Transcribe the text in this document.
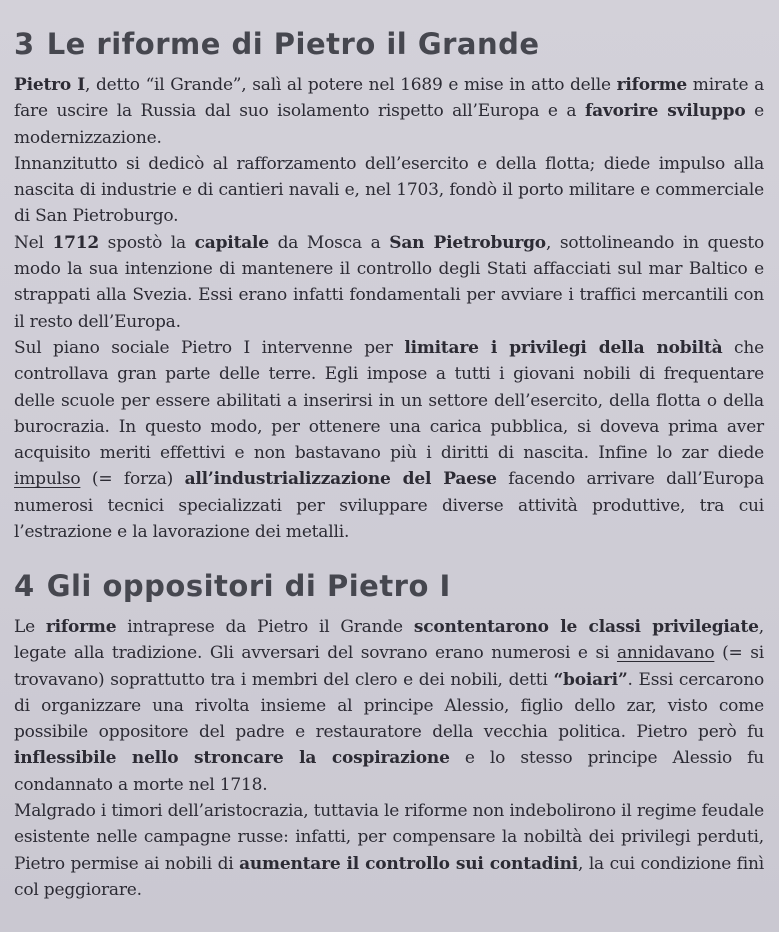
3 Le riforme di Pietro il Grande

Pietro I, detto “il Grande”, salì al potere nel 1689 e mise in atto delle riforme mirate a fare uscire la Russia dal suo isolamento rispetto all’Europa e a favorire sviluppo e modernizzazione.

Innanzitutto si dedicò al rafforzamento dell’esercito e della flotta; diede impulso alla nascita di industrie e di cantieri navali e, nel 1703, fondò il porto militare e commerciale di San Pietroburgo.

Nel 1712 spostò la capitale da Mosca a San Pietroburgo, sottolineando in questo modo la sua intenzione di mantenere il controllo degli Stati affacciati sul mar Baltico e strappati alla Svezia. Essi erano infatti fondamentali per avviare i traffici mercantili con il resto dell’Europa.

Sul piano sociale Pietro I intervenne per limitare i privilegi della nobiltà che controllava gran parte delle terre. Egli impose a tutti i giovani nobili di frequentare delle scuole per essere abilitati a inserirsi in un settore dell’esercito, della flotta o della burocrazia. In questo modo, per ottenere una carica pubblica, si doveva prima aver acquisito meriti effettivi e non bastavano più i diritti di nascita. Infine lo zar diede impulso (= forza) all’industrializzazione del Paese facendo arrivare dall’Europa numerosi tecnici specializzati per sviluppare diverse attività produttive, tra cui l’estrazione e la lavorazione dei metalli.

4 Gli oppositori di Pietro I

Le riforme intraprese da Pietro il Grande scontentarono le classi privilegiate, legate alla tradizione. Gli avversari del sovrano erano numerosi e si annidavano (= si trovavano) soprattutto tra i membri del clero e dei nobili, detti “boiari”. Essi cercarono di organizzare una rivolta insieme al principe Alessio, figlio dello zar, visto come possibile oppositore del padre e restauratore della vecchia politica. Pietro però fu inflessibile nello stroncare la cospirazione e lo stesso principe Alessio fu condannato a morte nel 1718.

Malgrado i timori dell’aristocrazia, tuttavia le riforme non indebolirono il regime feudale esistente nelle campagne russe: infatti, per compensare la nobiltà dei privilegi perduti, Pietro permise ai nobili di aumentare il controllo sui contadini, la cui condizione finì col peggiorare.
